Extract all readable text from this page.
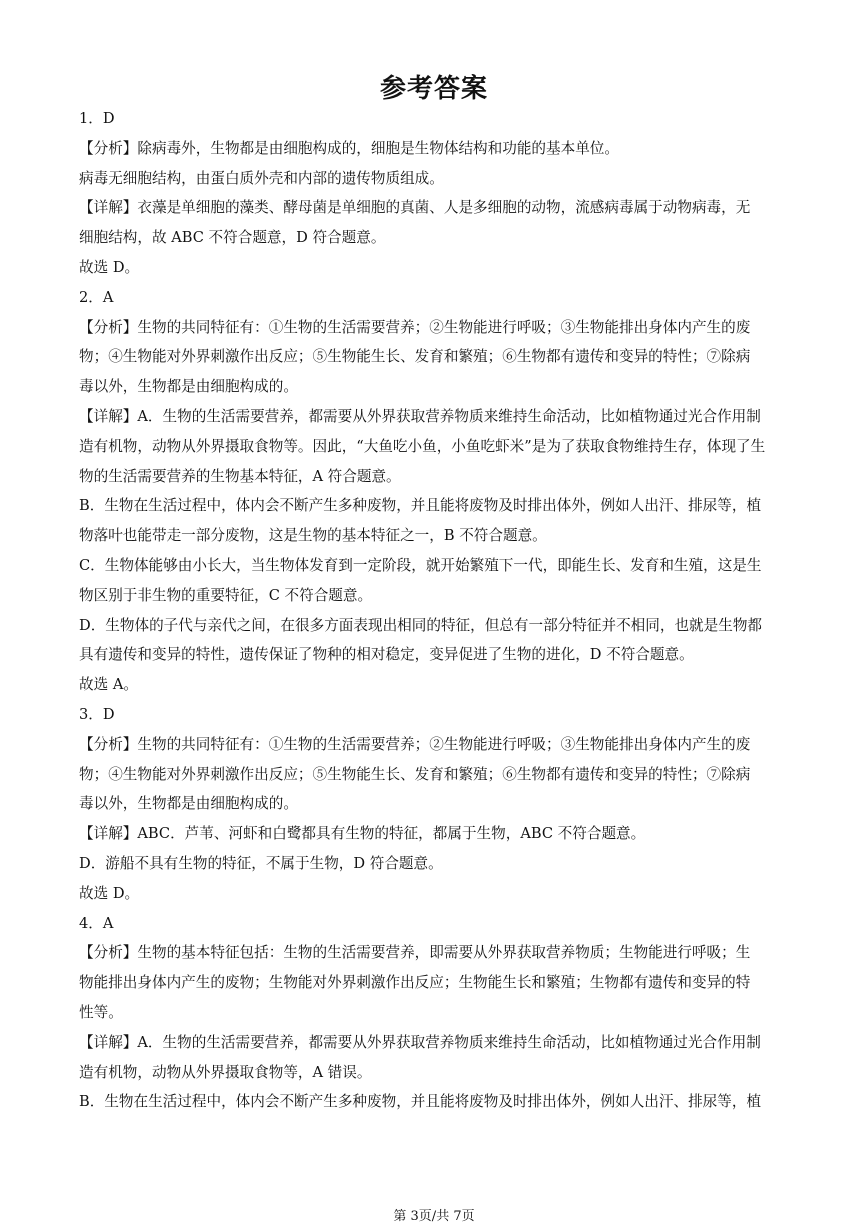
参考答案

1．D

【分析】除病毒外，生物都是由细胞构成的，细胞是生物体结构和功能的基本单位。

病毒无细胞结构，由蛋白质外壳和内部的遗传物质组成。

【详解】衣藻是单细胞的藻类、酵母菌是单细胞的真菌、人是多细胞的动物，流感病毒属于动物病毒，无

细胞结构，故 ABC 不符合题意，D 符合题意。

故选 D。

2．A

【分析】生物的共同特征有：①生物的生活需要营养；②生物能进行呼吸；③生物能排出身体内产生的废

物；④生物能对外界刺激作出反应；⑤生物能生长、发育和繁殖；⑥生物都有遗传和变异的特性；⑦除病

毒以外，生物都是由细胞构成的。

【详解】A．生物的生活需要营养，都需要从外界获取营养物质来维持生命活动，比如植物通过光合作用制

造有机物，动物从外界摄取食物等。因此，“大鱼吃小鱼，小鱼吃虾米”是为了获取食物维持生存，体现了生

物的生活需要营养的生物基本特征，A 符合题意。

B．生物在生活过程中，体内会不断产生多种废物，并且能将废物及时排出体外，例如人出汗、排尿等，植

物落叶也能带走一部分废物，这是生物的基本特征之一，B 不符合题意。

C．生物体能够由小长大，当生物体发育到一定阶段，就开始繁殖下一代，即能生长、发育和生殖，这是生

物区别于非生物的重要特征，C 不符合题意。

D．生物体的子代与亲代之间，在很多方面表现出相同的特征，但总有一部分特征并不相同，也就是生物都

具有遗传和变异的特性，遗传保证了物种的相对稳定，变异促进了生物的进化，D 不符合题意。

故选 A。

3．D

【分析】生物的共同特征有：①生物的生活需要营养；②生物能进行呼吸；③生物能排出身体内产生的废

物；④生物能对外界刺激作出反应；⑤生物能生长、发育和繁殖；⑥生物都有遗传和变异的特性；⑦除病

毒以外，生物都是由细胞构成的。

【详解】ABC．芦苇、河虾和白鹭都具有生物的特征，都属于生物，ABC 不符合题意。

D．游船不具有生物的特征，不属于生物，D 符合题意。

故选 D。

4．A

【分析】生物的基本特征包括：生物的生活需要营养，即需要从外界获取营养物质；生物能进行呼吸；生

物能排出身体内产生的废物；生物能对外界刺激作出反应；生物能生长和繁殖；生物都有遗传和变异的特

性等。

【详解】A．生物的生活需要营养，都需要从外界获取营养物质来维持生命活动，比如植物通过光合作用制

造有机物，动物从外界摄取食物等，A 错误。

B．生物在生活过程中，体内会不断产生多种废物，并且能将废物及时排出体外，例如人出汗、排尿等，植

第 3页/共 7页
